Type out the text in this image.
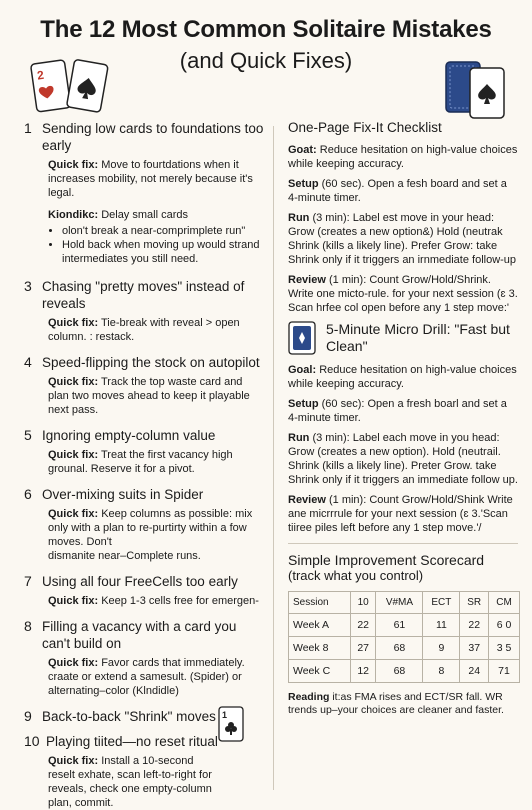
The 12 Most Common Solitaire Mistakes
(and Quick Fixes)
2
1 Sending low cards to foundations too early
Quick fix: Move to fourtdations when it increases mobility, not merely because it's legal.
Kiondikc: Delay small cards
• olon't break a near-comprimplete run"
• Hold back when moving up would strand intermediates you still need.
3 Chasing "pretty moves" instead of reveals
Quick fix: Tie-break with reveal > open column. : restack.
4 Speed-flipping the stock on autopilot
Quick fix: Track the top waste card and plan two moves ahead to keep it playable next pass.
5 Ignoring empty-column value
Quick fix: Treat the first vacancy high grounal. Reserve it for a pivot.
6 Over-mixing suits in Spider
Quick fix: Keep columns as possible: mix only with a plan to re-purtirty within a fow moves. Don't
dismanite near–Complete runs.
7 Using all four FreeCells too early
Quick fix: Keep 1-3 cells free for emergen-
8 Filling a vacancy with a card you can't build on
Quick fix: Favor cards that immediately. craate or extend a samesult. (Spider) or alternating–color (Klndidle)
9 Back-to-back "Shrink" moves
10 Playing tiited—no reset ritual
Quick fix: Install a 10-second reselt exhate, scan left-to-right for reveals, check one empty-column plan, commit.
1
One-Page Fix-It Checklist
Goat: Reduce hesitation on high-value choices while keeping accuracy.
Setup (60 sec). Open a fesh board and set a 4-minute timer.
Run (3 min): Label est move in your head: Grow (creates a new option&) Hold (neutrak Shrink (kills a likely line). Prefer Grow: take Shrink only if it triggers an irnmediate follow-up
Review (1 min): Count Grow/Hold/Shrink. Write one micto-rule. for your next session (ɛ 3. Scan hrfee col open before any 1 step move:'
5-Minute Micro Drill: "Fast but Clean"
Goal: Reduce hesitation on high-value choices while keeping accuracy.
Setup (60 sec): Open a fresh boarl and set a 4-minute timer.
Run (3 min): Label each move in you head: Grow (creates a new option). Hold (neutrail. Shrink (kills a likely line). Preter Grow. take Shrink only if it triggers an immediate follow up.
Review (1 min): Count Grow/Hold/Shink Write ane micrrrule for your next session (ɛ 3.'Scan tiiree piles left before any 1 step move.'/
Simple Improvement Scorecard
(track what you control)
Session	10	V#MA	ECT	SR	CM
Week A	22	61	11	22	6 0
Week 8	27	68	9	37	3 5
Week C	12	68	8	24	71
Reading it:as FMA rises and ECT/SR fall. WR trends up–your choices are cleaner and faster.
